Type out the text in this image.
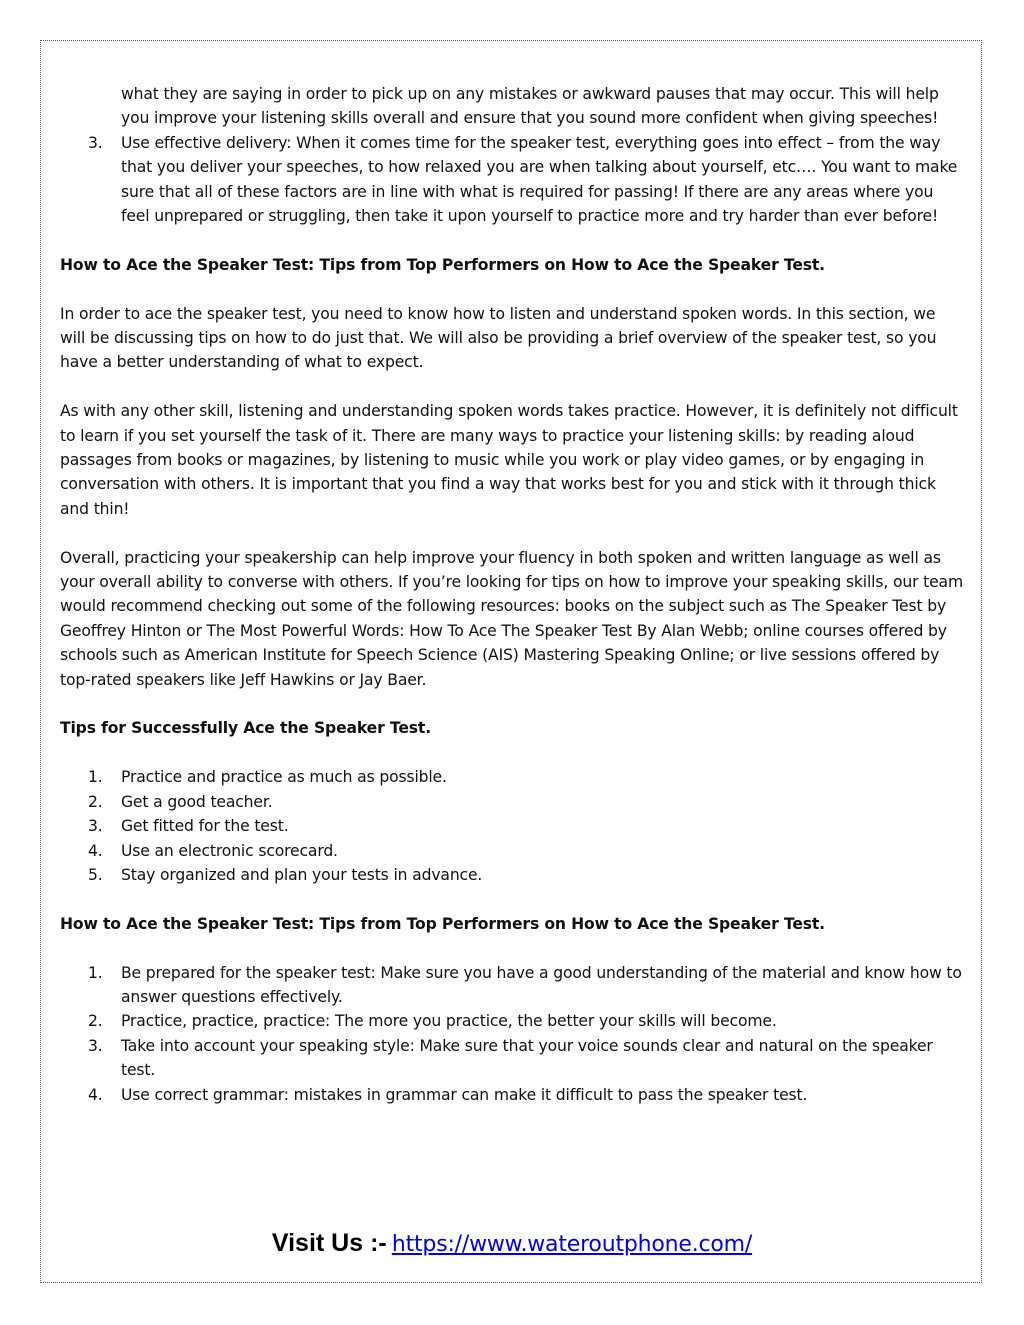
what they are saying in order to pick up on any mistakes or awkward pauses that may occur. This will help you improve your listening skills overall and ensure that you sound more confident when giving speeches!

3. Use effective delivery: When it comes time for the speaker test, everything goes into effect – from the way that you deliver your speeches, to how relaxed you are when talking about yourself, etc…. You want to make sure that all of these factors are in line with what is required for passing! If there are any areas where you feel unprepared or struggling, then take it upon yourself to practice more and try harder than ever before!

How to Ace the Speaker Test: Tips from Top Performers on How to Ace the Speaker Test.

In order to ace the speaker test, you need to know how to listen and understand spoken words. In this section, we will be discussing tips on how to do just that. We will also be providing a brief overview of the speaker test, so you have a better understanding of what to expect.

As with any other skill, listening and understanding spoken words takes practice. However, it is definitely not difficult to learn if you set yourself the task of it. There are many ways to practice your listening skills: by reading aloud passages from books or magazines, by listening to music while you work or play video games, or by engaging in conversation with others. It is important that you find a way that works best for you and stick with it through thick and thin!

Overall, practicing your speakership can help improve your fluency in both spoken and written language as well as your overall ability to converse with others. If you’re looking for tips on how to improve your speaking skills, our team would recommend checking out some of the following resources: books on the subject such as The Speaker Test by Geoffrey Hinton or The Most Powerful Words: How To Ace The Speaker Test By Alan Webb; online courses offered by schools such as American Institute for Speech Science (AIS) Mastering Speaking Online; or live sessions offered by top-rated speakers like Jeff Hawkins or Jay Baer.

Tips for Successfully Ace the Speaker Test.

1. Practice and practice as much as possible.
2. Get a good teacher.
3. Get fitted for the test.
4. Use an electronic scorecard.
5. Stay organized and plan your tests in advance.

How to Ace the Speaker Test: Tips from Top Performers on How to Ace the Speaker Test.

1. Be prepared for the speaker test: Make sure you have a good understanding of the material and know how to answer questions effectively.
2. Practice, practice, practice: The more you practice, the better your skills will become.
3. Take into account your speaking style: Make sure that your voice sounds clear and natural on the speaker test.
4. Use correct grammar: mistakes in grammar can make it difficult to pass the speaker test.
Visit Us :- https://www.wateroutphone.com/
